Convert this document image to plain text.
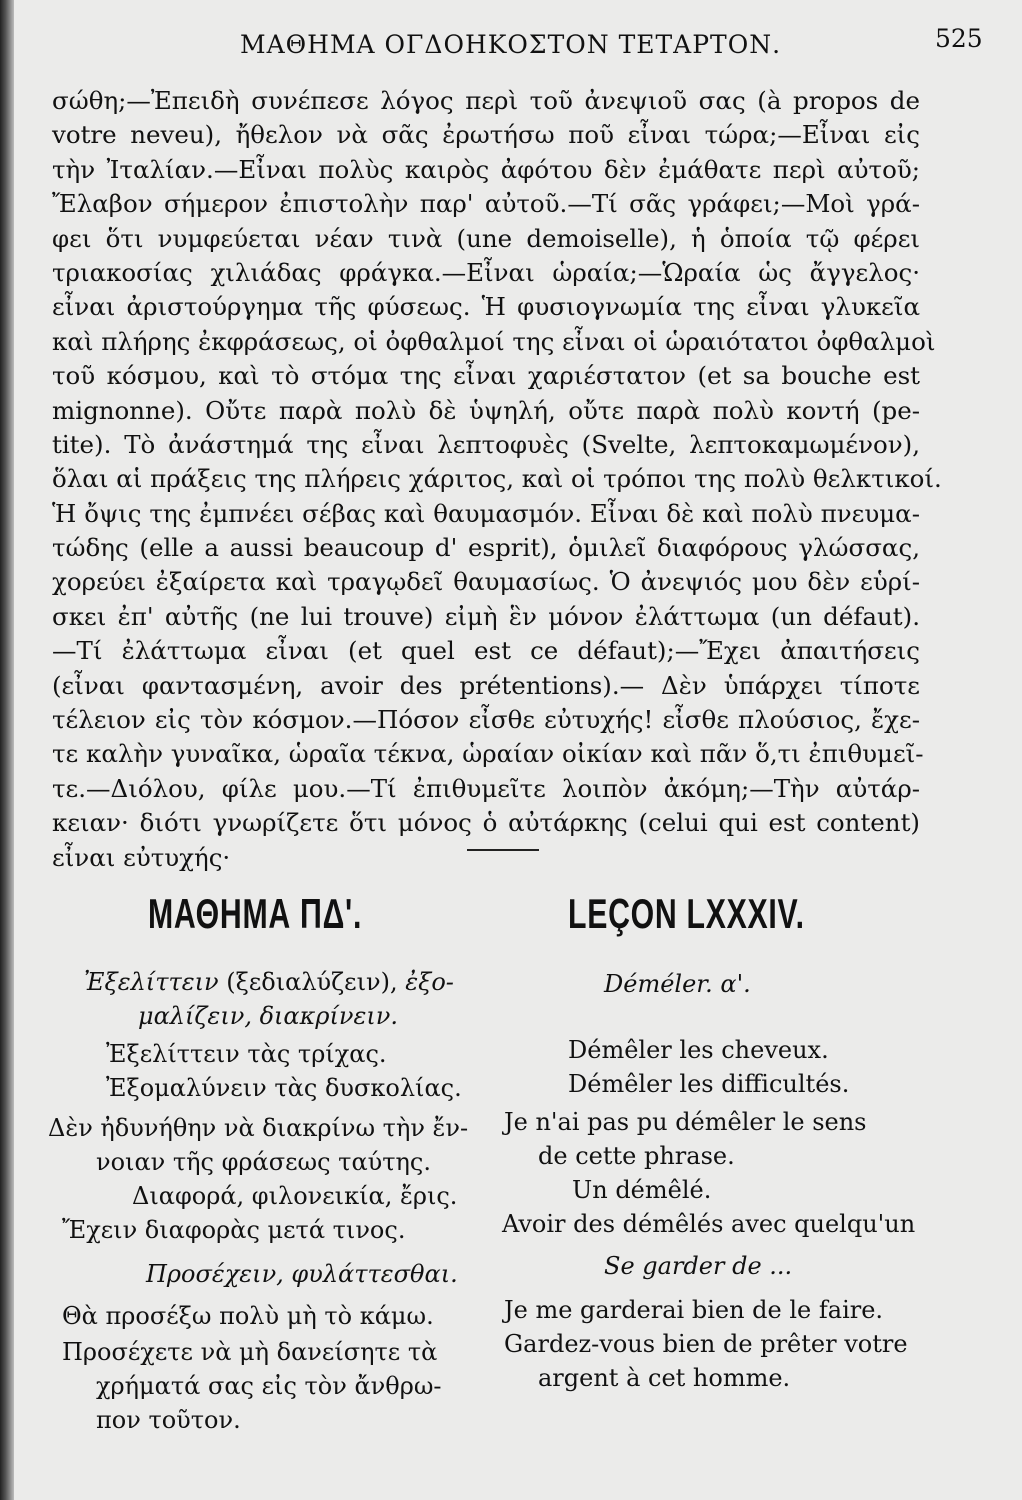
ΜΑΘΗΜΑ ΟΓΔΟΗΚΟΣΤΟΝ ΤΕΤΑΡΤΟΝ.	525
σώθη;—Ἐπειδὴ συνέπεσε λόγος περὶ τοῦ ἀνεψιοῦ σας (à propos de
votre neveu), ἤθελον νὰ σᾶς ἐρωτήσω ποῦ εἶναι τώρα;—Εἶναι εἰς
τὴν Ἰταλίαν.—Εἶναι πολὺς καιρὸς ἀφότου δὲν ἐμάθατε περὶ αὐτοῦ;
Ἔλαβον σήμερον ἐπιστολὴν παρ' αὐτοῦ.—Τί σᾶς γράφει;—Μοὶ γρά-
φει ὅτι νυμφεύεται νέαν τινὰ (une demoiselle), ἡ ὁποία τῷ φέρει
τριακοσίας χιλιάδας φράγκα.—Εἶναι ὡραία;—Ὡραία ὡς ἄγγελος·
εἶναι ἀριστούργημα τῆς φύσεως. Ἡ φυσιογνωμία της εἶναι γλυκεῖα
καὶ πλήρης ἐκφράσεως, οἱ ὀφθαλμοί της εἶναι οἱ ὡραιότατοι ὀφθαλμοὶ
τοῦ κόσμου, καὶ τὸ στόμα της εἶναι χαριέστατον (et sa bouche est
mignonne). Οὔτε παρὰ πολὺ δὲ ὑψηλή, οὔτε παρὰ πολὺ κοντή (pe-
tite). Τὸ ἀνάστημά της εἶναι λεπτοφυὲς (Svelte, λεπτοκαμωμένον),
ὅλαι αἱ πράξεις της πλήρεις χάριτος, καὶ οἱ τρόποι της πολὺ θελκτικοί.
Ἡ ὄψις της ἐμπνέει σέβας καὶ θαυμασμόν. Εἶναι δὲ καὶ πολὺ πνευμα-
τώδης (elle a aussi beaucoup d' esprit), ὁμιλεῖ διαφόρους γλώσσας,
χορεύει ἐξαίρετα καὶ τραγῳδεῖ θαυμασίως. Ὁ ἀνεψιός μου δὲν εὑρί-
σκει ἐπ' αὐτῆς (ne lui trouve) εἰμὴ ἓν μόνον ἐλάττωμα (un défaut).
—Τί ἐλάττωμα εἶναι (et quel est ce défaut);—Ἔχει ἀπαιτήσεις
(εἶναι φαντασμένη, avoir des prétentions).— Δὲν ὑπάρχει τίποτε
τέλειον εἰς τὸν κόσμον.—Πόσον εἶσθε εὐτυχής! εἶσθε πλούσιος, ἔχε-
τε καλὴν γυναῖκα, ὡραῖα τέκνα, ὡραίαν οἰκίαν καὶ πᾶν ὅ,τι ἐπιθυμεῖ-
τε.—Διόλου, φίλε μου.—Τί ἐπιθυμεῖτε λοιπὸν ἀκόμη;—Τὴν αὐτάρ-
κειαν· διότι γνωρίζετε ὅτι μόνος ὁ αὐτάρκης (celui qui est content)
εἶναι εὐτυχής·
ΜΑΘΗΜΑ ΠΔ'.	LEÇON LXXXIV.
Ἐξελίττειν (ξεδιαλύζειν), ἐξο-
μαλίζειν, διακρίνειν.
Ἐξελίττειν τὰς τρίχας.
Ἐξομαλύνειν τὰς δυσκολίας.
Δὲν ἠδυνήθην νὰ διακρίνω τὴν ἔν-
νοιαν τῆς φράσεως ταύτης.
Διαφορά, φιλονεικία, ἔρις.
Ἔχειν διαφορὰς μετά τινος.
Προσέχειν, φυλάττεσθαι.
Θὰ προσέξω πολὺ μὴ τὸ κάμω.
Προσέχετε νὰ μὴ δανείσητε τὰ
χρήματά σας εἰς τὸν ἄνθρω-
πον τοῦτον.
Déméler. α'.
Démêler les cheveux.
Démêler les difficultés.
Je n'ai pas pu démêler le sens
de cette phrase.
Un démêlé.
Avoir des démêlés avec quelqu'un
Se garder de ...
Je me garderai bien de le faire.
Gardez-vous bien de prêter votre
argent à cet homme.
